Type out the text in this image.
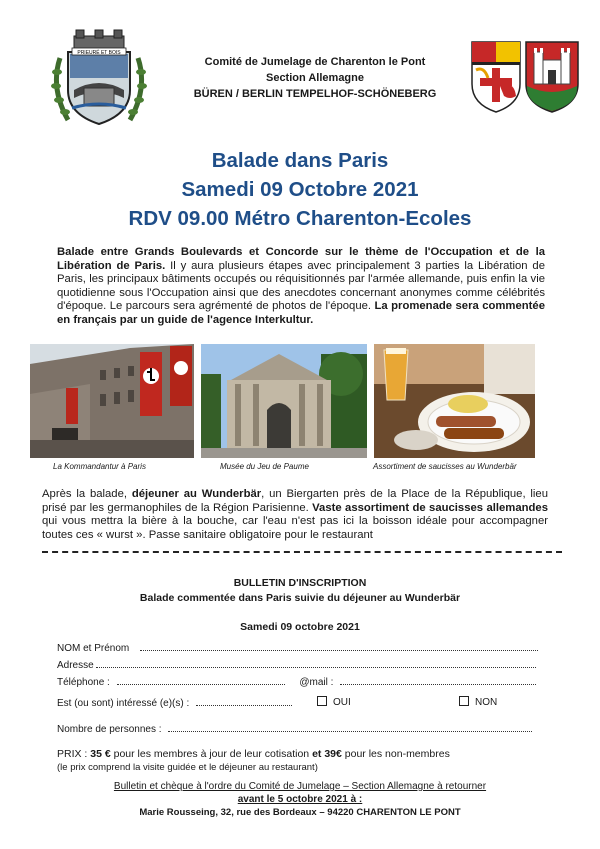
PRIEURÉ ET BOIS
Comité de Jumelage de Charenton le Pont
Section Allemagne
BÜREN / BERLIN TEMPELHOF-SCHÖNEBERG
Balade dans Paris
Samedi 09 Octobre 2021
RDV 09.00 Métro Charenton-Ecoles
Balade entre Grands Boulevards et Concorde sur le thème de l'Occupation et de la Libération de Paris. Il y aura plusieurs étapes avec principalement 3 parties la Libération de Paris, les principaux bâtiments occupés ou réquisitionnés par l'armée allemande, puis enfin la vie quotidienne sous l'Occupation ainsi que des anecdotes concernant anonymes comme célébrités d'époque. Le parcours sera agrémenté de photos de l'époque. La promenade sera commentée en français par un guide de l'agence Interkultur.
La Kommandantur à Paris	Musée du Jeu de Paume	Assortiment de saucisses au Wunderbär
Après la balade, déjeuner au Wunderbär, un Biergarten près de la Place de la République, lieu prisé par les germanophiles de la Région Parisienne. Vaste assortiment de saucisses allemandes qui vous mettra la bière à la bouche, car l'eau n'est pas ici la boisson idéale pour accompagner toutes ces « wurst ». Passe sanitaire obligatoire pour le restaurant
BULLETIN D'INSCRIPTION
Balade commentée dans Paris suivie du déjeuner au Wunderbär
Samedi 09 octobre 2021
NOM et Prénom
Adresse
Téléphone :	@mail :
Est (ou sont) intéressé (e)(s) :	OUI	NON
Nombre de personnes :
PRIX : 35 € pour les membres à jour de leur cotisation et 39€ pour les non-membres
(le prix comprend la visite guidée et le déjeuner au restaurant)
Bulletin et chèque à l'ordre du Comité de Jumelage – Section Allemagne à retourner
avant le 5 octobre 2021 à :
Marie Rousseing, 32, rue des Bordeaux – 94220 CHARENTON LE PONT
